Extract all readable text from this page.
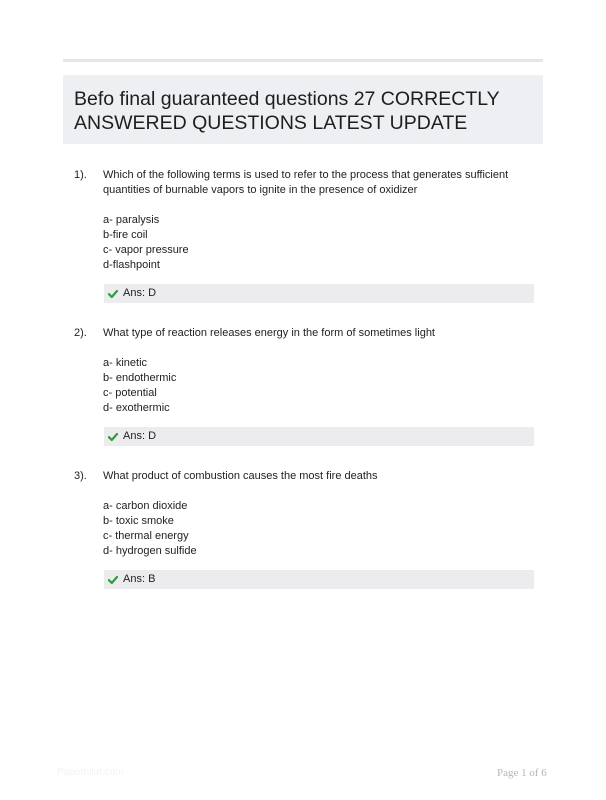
Befo final guaranteed questions 27 CORRECTLY ANSWERED QUESTIONS LATEST UPDATE
1). Which of the following terms is used to refer to the process that generates sufficient quantities of burnable vapors to ignite in the presence of oxidizer
a- paralysis
b-fire coil
c- vapor pressure
d-flashpoint
Ans: D
2). What type of reaction releases energy in the form of sometimes light
a- kinetic
b- endothermic
c- potential
d- exothermic
Ans: D
3). What product of combustion causes the most fire deaths
a- carbon dioxide
b- toxic smoke
c- thermal energy
d- hydrogen sulfide
Ans: B
Paperhibit.com	Page 1 of 6
